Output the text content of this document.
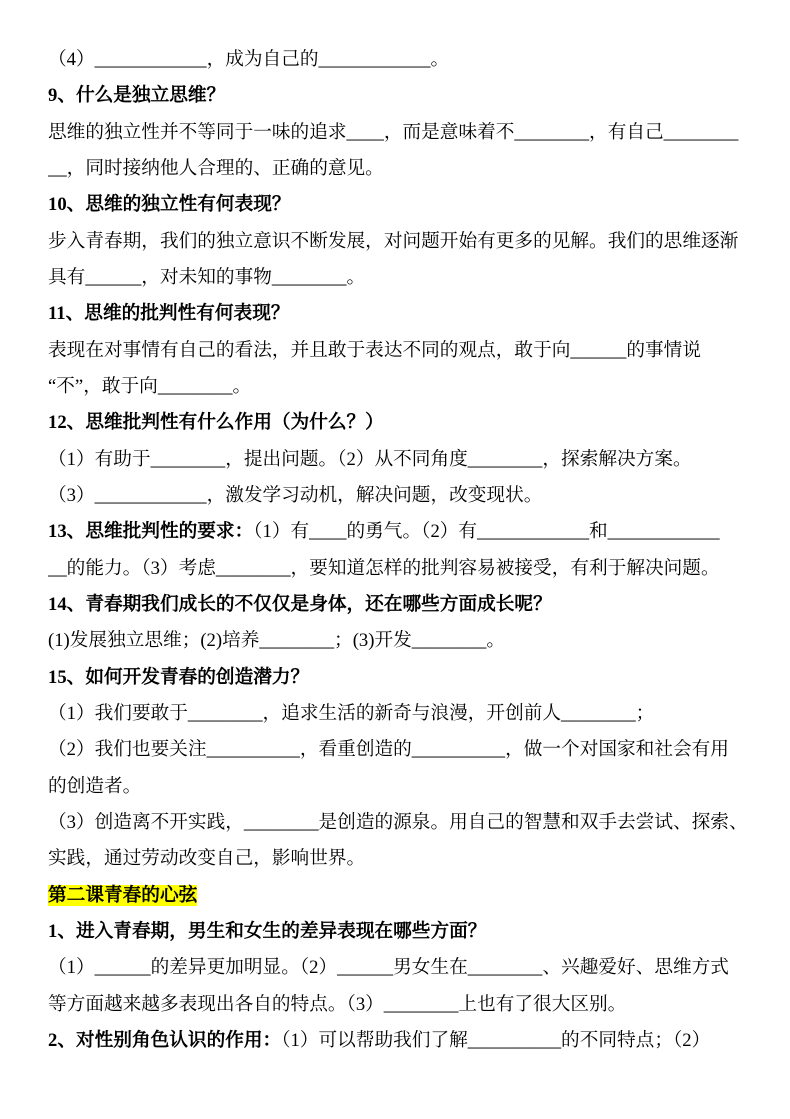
（4）____________，成为自己的____________。
9、什么是独立思维？
思维的独立性并不等同于一味的追求____，而是意味着不________，有自己________
__，同时接纳他人合理的、正确的意见。
10、思维的独立性有何表现？
步入青春期，我们的独立意识不断发展，对问题开始有更多的见解。我们的思维逐渐
具有______，对未知的事物________。
11、思维的批判性有何表现？
表现在对事情有自己的看法，并且敢于表达不同的观点，敢于向______的事情说
“不”，敢于向________。
12、思维批判性有什么作用（为什么？）
（1）有助于________，提出问题。（2）从不同角度________，探索解决方案。
（3）____________，激发学习动机，解决问题，改变现状。
13、思维批判性的要求：（1）有____的勇气。（2）有____________和____________
__的能力。（3）考虑________，要知道怎样的批判容易被接受，有利于解决问题。
14、青春期我们成长的不仅仅是身体，还在哪些方面成长呢？
(1)发展独立思维；(2)培养________；(3)开发________。
15、如何开发青春的创造潜力？
（1）我们要敢于________，追求生活的新奇与浪漫，开创前人________；
（2）我们也要关注__________，看重创造的__________，做一个对国家和社会有用
的创造者。
（3）创造离不开实践，________是创造的源泉。用自己的智慧和双手去尝试、探索、
实践，通过劳动改变自己，影响世界。
第二课青春的心弦
1、进入青春期，男生和女生的差异表现在哪些方面？
（1）______的差异更加明显。（2）______男女生在________、兴趣爱好、思维方式
等方面越来越多表现出各自的特点。（3）________上也有了很大区别。
2、对性别角色认识的作用：（1）可以帮助我们了解__________的不同特点；（2）
